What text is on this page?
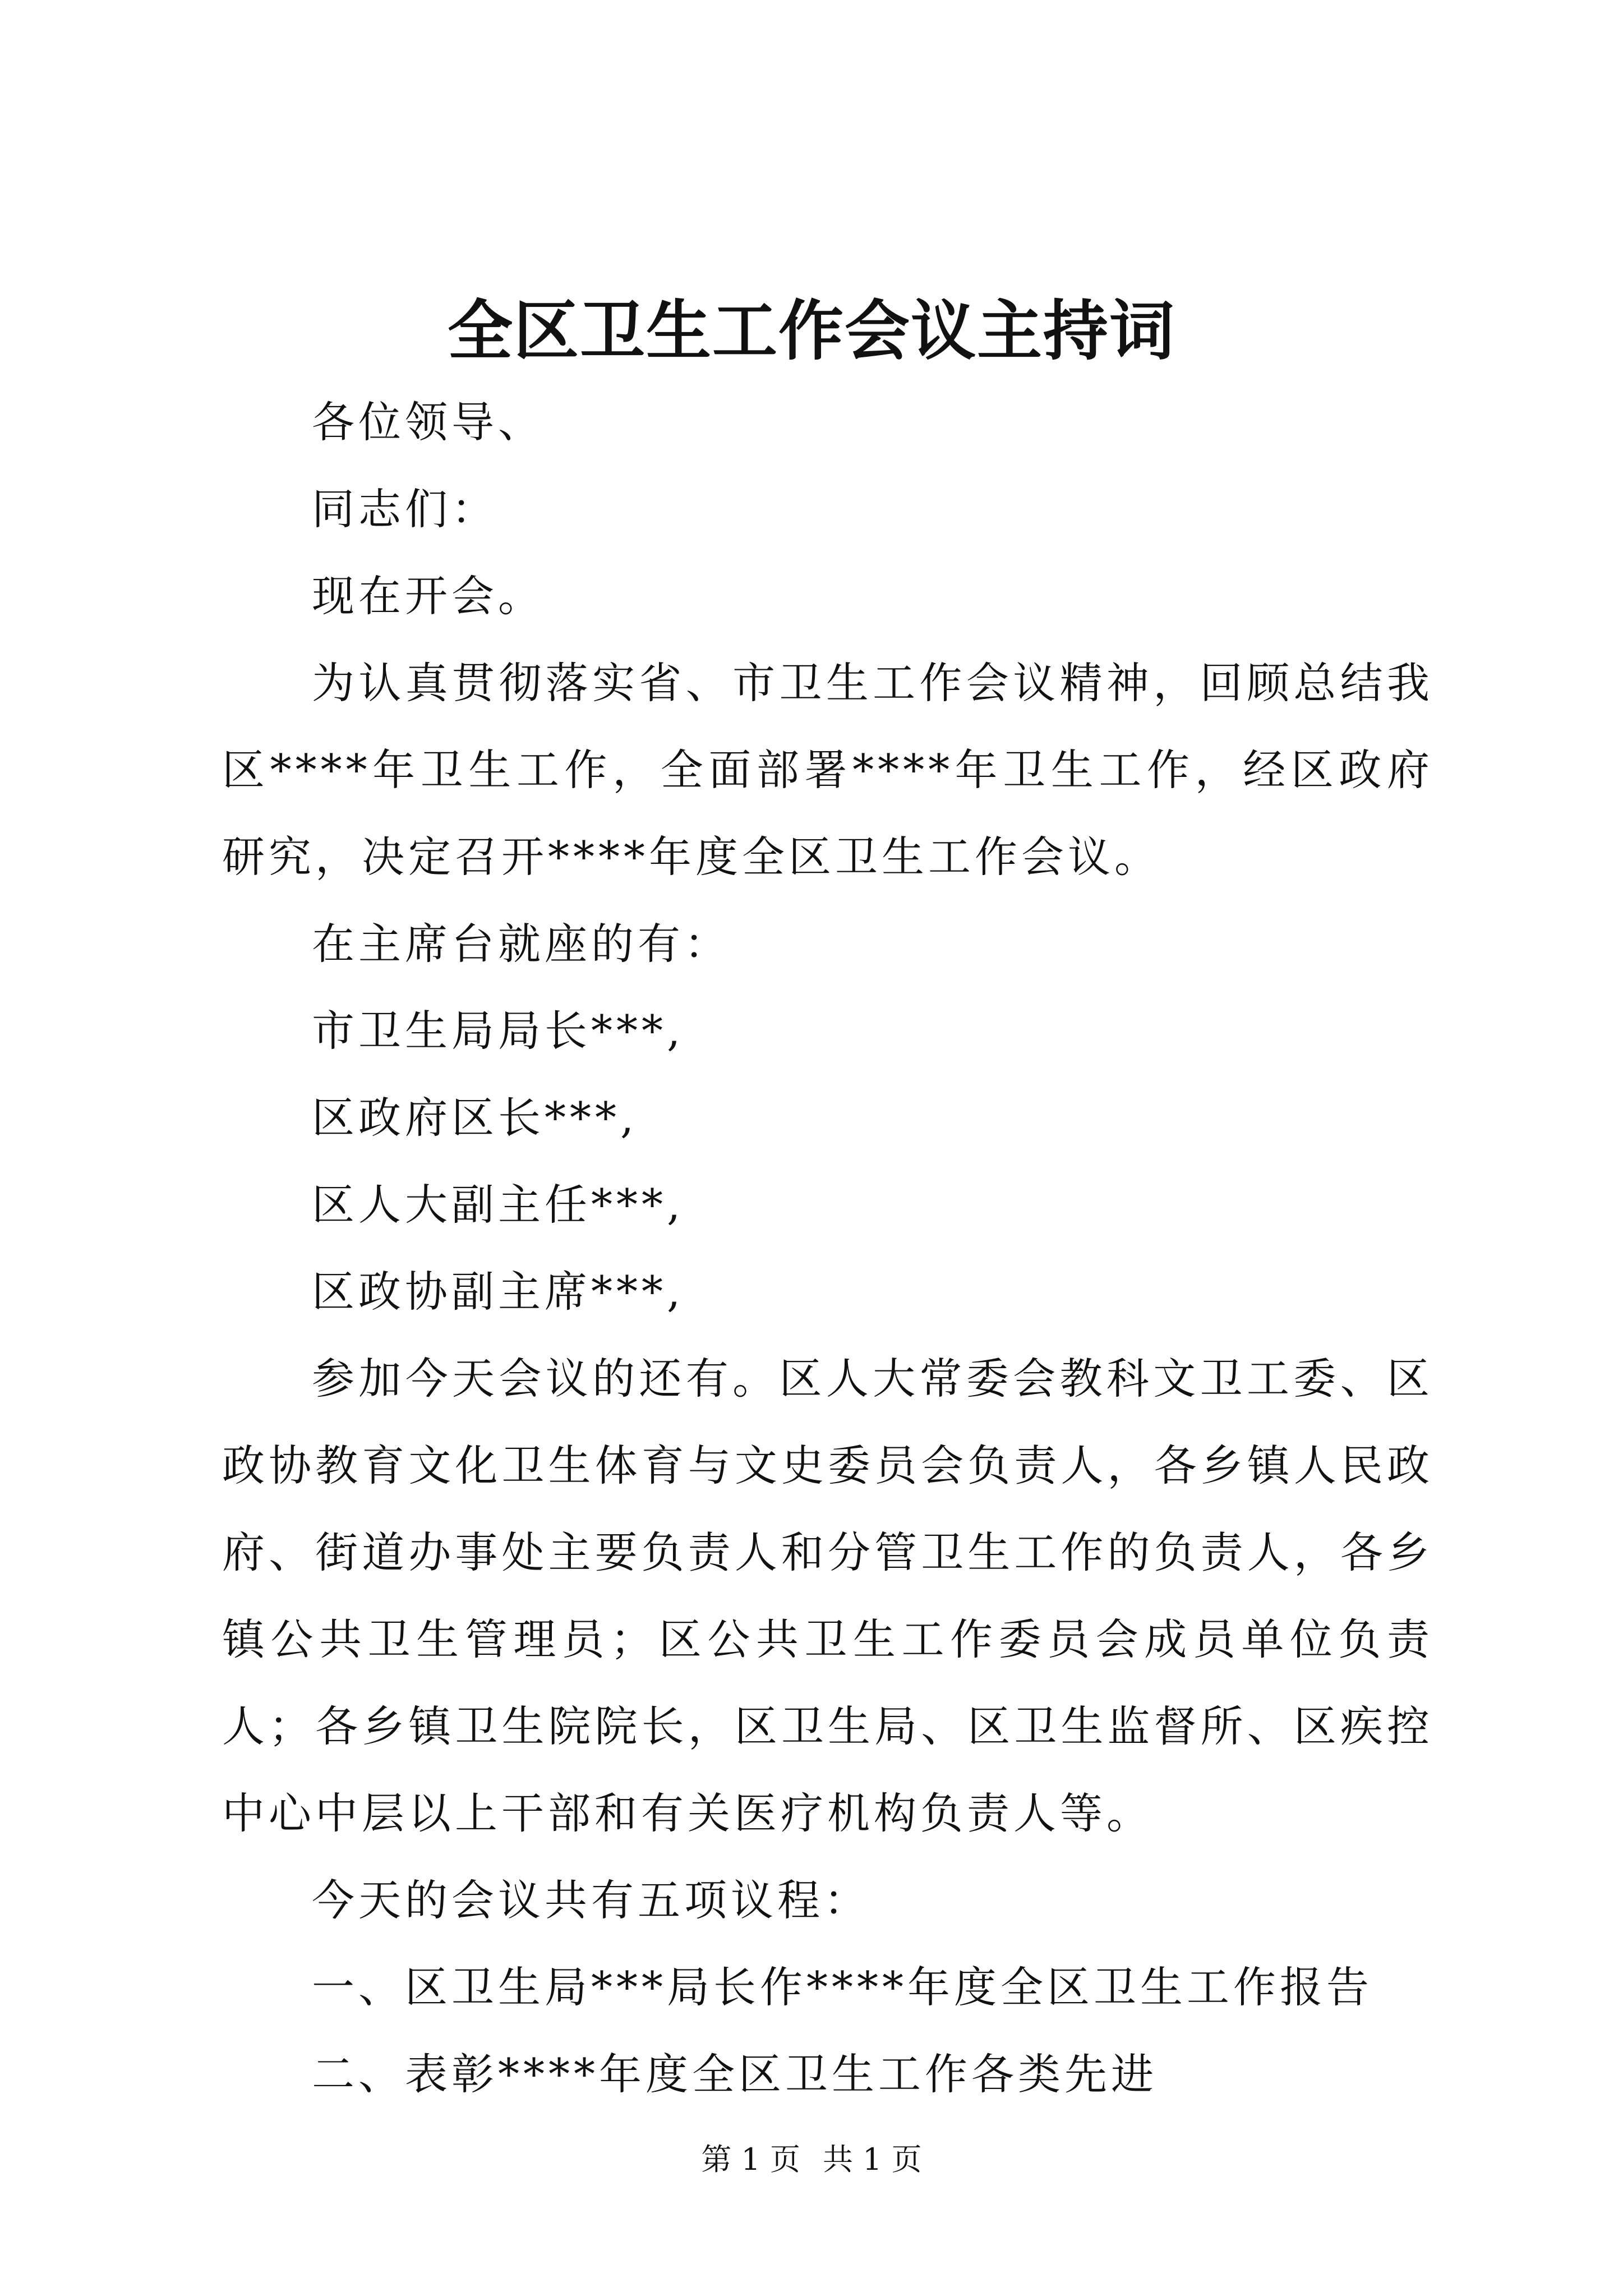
全区卫生工作会议主持词

各位领导、

同志们：

现在开会。

为认真贯彻落实省、市卫生工作会议精神，回顾总结我区****年卫生工作，全面部署****年卫生工作，经区政府研究，决定召开****年度全区卫生工作会议。

在主席台就座的有：

市卫生局局长***,

区政府区长***,

区人大副主任***,

区政协副主席***,

参加今天会议的还有。区人大常委会教科文卫工委、区政协教育文化卫生体育与文史委员会负责人，各乡镇人民政府、街道办事处主要负责人和分管卫生工作的负责人，各乡镇公共卫生管理员；区公共卫生工作委员会成员单位负责人；各乡镇卫生院院长，区卫生局、区卫生监督所、区疾控中心中层以上干部和有关医疗机构负责人等。

今天的会议共有五项议程：

一、区卫生局***局长作****年度全区卫生工作报告

二、表彰****年度全区卫生工作各类先进

第 1 页 共 1 页
